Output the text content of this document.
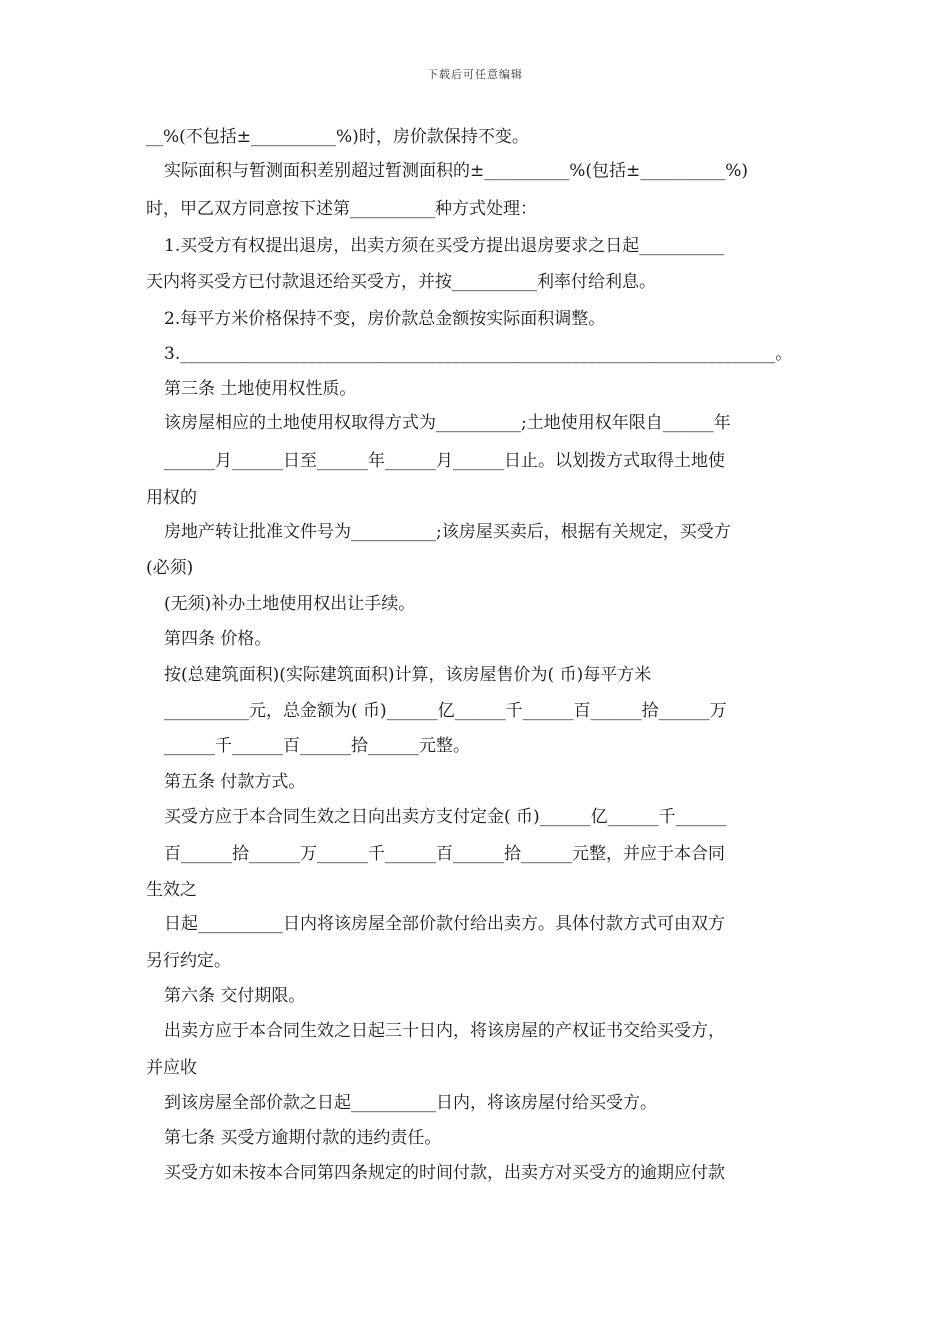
下载后可任意编辑
__%(不包括±__________%)时，房价款保持不变。
实际面积与暂测面积差别超过暂测面积的±__________%(包括±__________%)
时，甲乙双方同意按下述第__________种方式处理：
1.买受方有权提出退房，出卖方须在买受方提出退房要求之日起__________
天内将买受方已付款退还给买受方，并按__________利率付给利息。
2.每平方米价格保持不变，房价款总金额按实际面积调整。
3.______________________________________________________________________。
第三条 土地使用权性质。
该房屋相应的土地使用权取得方式为__________;土地使用权年限自______年
______月______日至______年______月______日止。以划拨方式取得土地使
用权的
房地产转让批准文件号为__________;该房屋买卖后，根据有关规定，买受方
(必须)
(无须)补办土地使用权出让手续。
第四条 价格。
按(总建筑面积)(实际建筑面积)计算，该房屋售价为( 币)每平方米
__________元，总金额为( 币)______亿______千______百______拾______万
______千______百______拾______元整。
第五条 付款方式。
买受方应于本合同生效之日向出卖方支付定金( 币)______亿______千______
百______拾______万______千______百______拾______元整，并应于本合同
生效之
日起__________日内将该房屋全部价款付给出卖方。具体付款方式可由双方
另行约定。
第六条 交付期限。
出卖方应于本合同生效之日起三十日内，将该房屋的产权证书交给买受方，
并应收
到该房屋全部价款之日起__________日内，将该房屋付给买受方。
第七条 买受方逾期付款的违约责任。
买受方如未按本合同第四条规定的时间付款，出卖方对买受方的逾期应付款
